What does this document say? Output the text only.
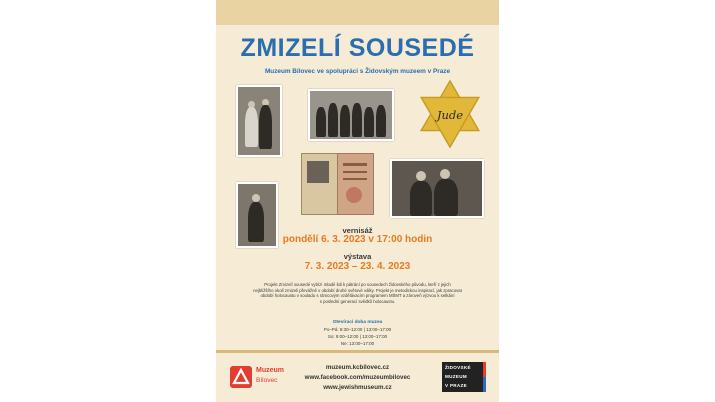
ZMIZELÍ SOUSEDÉ
Muzeum Bílovec ve spolupráci s Židovským muzeem v Praze
Jude
vernisáž
pondělí 6. 3. 2023 v 17:00 hodin
výstava
7. 3. 2023 – 23. 4. 2023
Projekt Zmizelí sousedé vybízí mladé lidi k pátrání po sousedech židovského původu, kteří z jejich
nejbližšího okolí zmizeli převážně v období druhé světové války. Projekt je metodickou inspirací, jak zpracovat
období holocaustu v souladu s rámcovým vzdělávacím programem MŠMT a zároveň výzvou k setkání
s poslední generací svědků holocaustu.
Otevírací doba muzea
Po–Pá: 8:30–12:00 | 13:00–17:00
So: 9:00–12:00 | 13:00–17:00
Ne: 13:00–17:00
Muzeum
Bílovec
muzeum.kcbilovec.cz
www.facebook.com/muzeumbilovec
www.jewishmuseum.cz
ŽIDOVSKÉ
MUZEUM
V PRAZE
